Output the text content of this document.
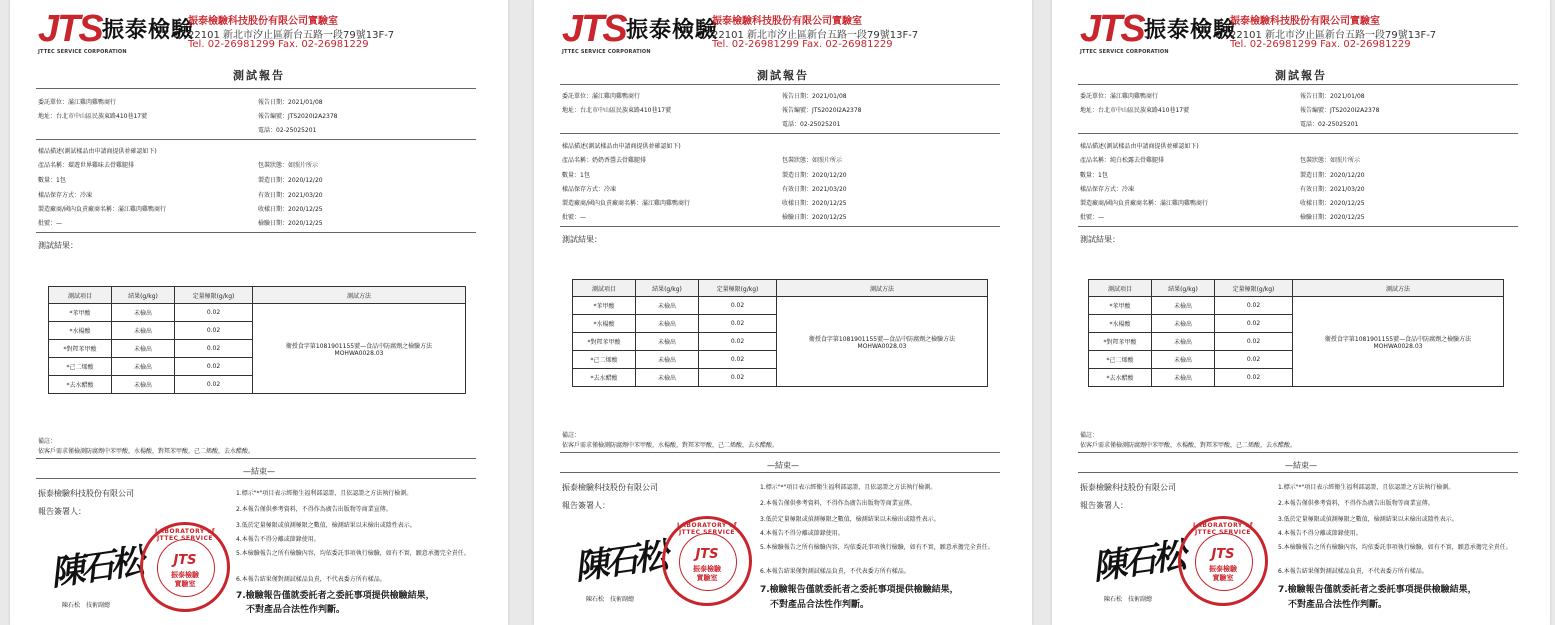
JTS
JTTEC SERVICE CORPORATION
振泰檢驗
振泰檢驗科技股份有限公司實驗室
22101 新北市汐止區新台五路一段79號13F-7
Tel. 02-26981299 Fax. 02-26981229
測試報告
委託單位：滿江雞肉雞鴨商行
地址：台北市中山區民族東路410巷17號
報告日期：2021/01/08
報告編號：JTS2020I2A2378
電話：02-25025201
樣品描述(測試樣品由申請商提供並確認如下)
產品名稱：環遊世界雞味去骨雞腿排	包裝狀態：如照片所示
數量：1包	製造日期：2020/12/20
樣品保存方式：冷凍	有效日期：2021/03/20
製造廠商/國內負責廠商名稱：滿江雞肉雞鴨商行	收樣日期：2020/12/25
批號：—	檢驗日期：2020/12/25
測試結果：
測試項目	結果(g/kg)	定量極限(g/kg)	測試方法
*苯甲酸	未檢出	0.02	衛授食字第1081901155號—食品中防腐劑之檢驗方法
MOHWA0028.03

*水楊酸	未檢出	0.02	
*對羥苯甲酸	未檢出	0.02	
*己二烯酸	未檢出	0.02	
*去水醋酸	未檢出	0.02	
備註：
依客戶需求僅檢測防腐劑中苯甲酸，水楊酸，對羥苯甲酸，己二烯酸，去水醋酸。
—結束—
振泰檢驗科技股份有限公司
報告簽署人：
1.標示"*"項目表示經衛生福利部認證，且依認證之方法執行檢測。
2.本報告僅供參考資料，不得作為廣告出版物等商業宣傳。
3.低於定量極限或偵測極限之數值，檢測結果以未檢出或陰性表示。
4.本報告不得分離或節錄使用。
5.本檢驗報告之所有檢驗內容，均依委託事項執行檢驗，如有不實，願意承擔完全責任。
6.本報告結果僅對測試樣品負責，不代表委方所有樣品。
7.檢驗報告僅就委託者之委託事項提供檢驗結果，
不對產品合法性作判斷。
陳石松
陳石松　技術副總
LABORATORY of JTTEC SERVICE
JTS
振泰檢驗
實驗室
JTS
JTTEC SERVICE CORPORATION
振泰檢驗
振泰檢驗科技股份有限公司實驗室
22101 新北市汐止區新台五路一段79號13F-7
Tel. 02-26981299 Fax. 02-26981229
測試報告
委託單位：滿江雞肉雞鴨商行
地址：台北市中山區民族東路410巷17號
報告日期：2021/01/08
報告編號：JTS2020I2A2378
電話：02-25025201
樣品描述(測試樣品由申請商提供並確認如下)
產品名稱：奶奶香醬去骨雞腿排	包裝狀態：如照片所示
數量：1包	製造日期：2020/12/20
樣品保存方式：冷凍	有效日期：2021/03/20
製造廠商/國內負責廠商名稱：滿江雞肉雞鴨商行	收樣日期：2020/12/25
批號：—	檢驗日期：2020/12/25
測試結果：
測試項目	結果(g/kg)	定量極限(g/kg)	測試方法
*苯甲酸	未檢出	0.02	衛授食字第1081901155號—食品中防腐劑之檢驗方法
MOHWA0028.03

*水楊酸	未檢出	0.02	
*對羥苯甲酸	未檢出	0.02	
*己二烯酸	未檢出	0.02	
*去水醋酸	未檢出	0.02	
備註：
依客戶需求僅檢測防腐劑中苯甲酸，水楊酸，對羥苯甲酸，己二烯酸，去水醋酸。
—結束—
振泰檢驗科技股份有限公司
報告簽署人：
1.標示"*"項目表示經衛生福利部認證，且依認證之方法執行檢測。
2.本報告僅供參考資料，不得作為廣告出版物等商業宣傳。
3.低於定量極限或偵測極限之數值，檢測結果以未檢出或陰性表示。
4.本報告不得分離或節錄使用。
5.本檢驗報告之所有檢驗內容，均依委託事項執行檢驗，如有不實，願意承擔完全責任。
6.本報告結果僅對測試樣品負責，不代表委方所有樣品。
7.檢驗報告僅就委託者之委託事項提供檢驗結果，
不對產品合法性作判斷。
陳石松
陳石松　技術副總
LABORATORY of JTTEC SERVICE
JTS
振泰檢驗
實驗室
JTS
JTTEC SERVICE CORPORATION
振泰檢驗
振泰檢驗科技股份有限公司實驗室
22101 新北市汐止區新台五路一段79號13F-7
Tel. 02-26981299 Fax. 02-26981229
測試報告
委託單位：滿江雞肉雞鴨商行
地址：台北市中山區民族東路410巷17號
報告日期：2021/01/08
報告編號：JTS2020I2A2378
電話：02-25025201
樣品描述(測試樣品由申請商提供並確認如下)
產品名稱：純白松露去骨雞腿排	包裝狀態：如照片所示
數量：1包	製造日期：2020/12/20
樣品保存方式：冷凍	有效日期：2021/03/20
製造廠商/國內負責廠商名稱：滿江雞肉雞鴨商行	收樣日期：2020/12/25
批號：—	檢驗日期：2020/12/25
測試結果：
測試項目	結果(g/kg)	定量極限(g/kg)	測試方法
*苯甲酸	未檢出	0.02	衛授食字第1081901155號—食品中防腐劑之檢驗方法
MOHWA0028.03

*水楊酸	未檢出	0.02	
*對羥苯甲酸	未檢出	0.02	
*己二烯酸	未檢出	0.02	
*去水醋酸	未檢出	0.02	
備註：
依客戶需求僅檢測防腐劑中苯甲酸，水楊酸，對羥苯甲酸，己二烯酸，去水醋酸。
—結束—
振泰檢驗科技股份有限公司
報告簽署人：
1.標示"*"項目表示經衛生福利部認證，且依認證之方法執行檢測。
2.本報告僅供參考資料，不得作為廣告出版物等商業宣傳。
3.低於定量極限或偵測極限之數值，檢測結果以未檢出或陰性表示。
4.本報告不得分離或節錄使用。
5.本檢驗報告之所有檢驗內容，均依委託事項執行檢驗，如有不實，願意承擔完全責任。
6.本報告結果僅對測試樣品負責，不代表委方所有樣品。
7.檢驗報告僅就委託者之委託事項提供檢驗結果，
不對產品合法性作判斷。
陳石松
陳石松　技術副總
LABORATORY of JTTEC SERVICE
JTS
振泰檢驗
實驗室
